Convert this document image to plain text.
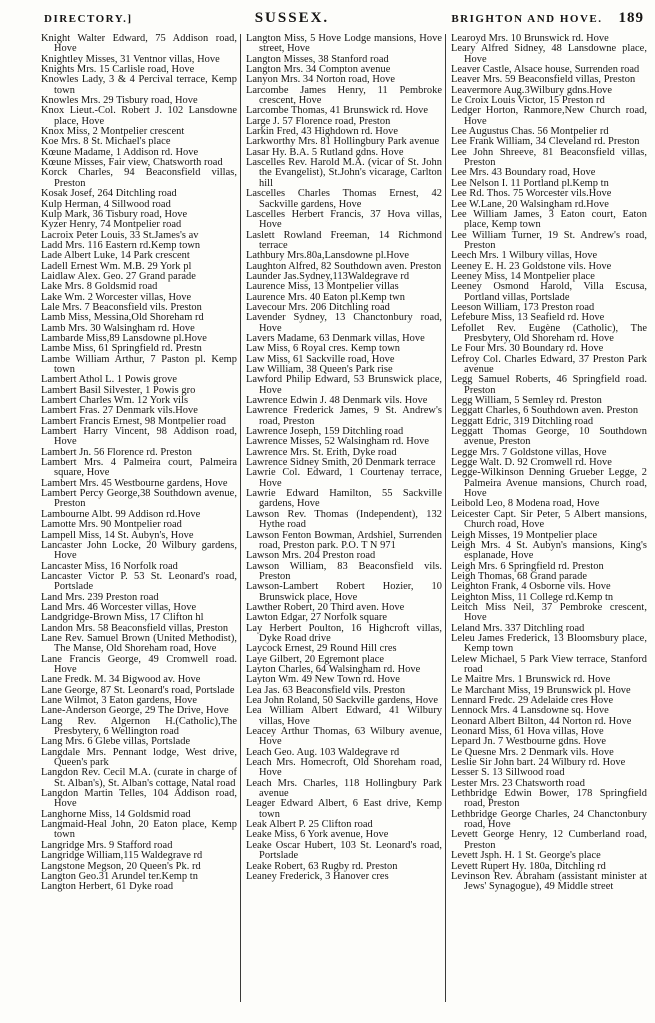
DIRECTORY.]	SUSSEX.	BRIGHTON AND HOVE. 189

Knight Walter Edward, 75 Addison road, Hove

Knightley Misses, 31 Ventnor villas, Hove

Knights Mrs. 15 Carlisle road, Hove

Knowles Lady, 3 & 4 Percival terrace, Kemp town

Knowles Mrs. 29 Tisbury road, Hove

Knox Lieut.-Col. Robert J. 102 Lansdowne place, Hove

Knox Miss, 2 Montpelier crescent

Koe Mrs. 8 St. Michael's place

Kœune Madame, 1 Addison rd. Hove

Kœune Misses, Fair view, Chatsworth road

Korck Charles, 94 Beaconsfield villas, Preston

Kosak Josef, 264 Ditchling road

Kulp Herman, 4 Sillwood road

Kulp Mark, 36 Tisbury road, Hove

Kyzer Henry, 74 Montpelier road

Lacroix Peter Louis, 33 St.James's av

Ladd Mrs. 116 Eastern rd.Kemp town

Lade Albert Luke, 14 Park crescent

Ladell Ernest Wm. M.B. 29 York pl

Laidlaw Alex. Geo. 27 Grand parade

Lake Mrs. 8 Goldsmid road

Lake Wm. 2 Worcester villas, Hove

Lale Mrs. 7 Beaconsfield vils. Preston

Lamb Miss, Messina,Old Shoreham rd

Lamb Mrs. 30 Walsingham rd. Hove

Lambarde Miss,89 Lansdowne pl.Hove

Lambe Miss, 61 Springfield rd. Prestn

Lambe William Arthur, 7 Paston pl. Kemp town

Lambert Athol L. 1 Powis grove

Lambert Basil Silvester, 1 Powis gro

Lambert Charles Wm. 12 York vils

Lambert Fras. 27 Denmark vils.Hove

Lambert Francis Ernest, 98 Montpelier road

Lambert Harry Vincent, 98 Addison road, Hove

Lambert Jn. 56 Florence rd. Preston

Lambert Mrs. 4 Palmeira court, Palmeira square, Hove

Lambert Mrs. 45 Westbourne gardens, Hove

Lambert Percy George,38 Southdown avenue, Preston

Lambourne Albt. 99 Addison rd.Hove

Lamotte Mrs. 90 Montpelier road

Lampell Miss, 14 St. Aubyn's, Hove

Lancaster John Locke, 20 Wilbury gardens, Hove

Lancaster Miss, 16 Norfolk road

Lancaster Victor P. 53 St. Leonard's road, Portslade

Land Mrs. 239 Preston road

Land Mrs. 46 Worcester villas, Hove

Landgridge-Brown Miss, 17 Clifton hl

Landon Mrs. 58 Beaconsfield villas, Preston

Lane Rev. Samuel Brown (United Methodist), The Manse, Old Shoreham road, Hove

Lane Francis George, 49 Cromwell road. Hove

Lane Fredk. M. 34 Bigwood av. Hove

Lane George, 87 St. Leonard's road, Portslade

Lane Wilmot, 3 Eaton gardens, Hove

Lane-Anderson George, 29 The Drive, Hove

Lang Rev. Algernon H.(Catholic),The Presbytery, 6 Wellington road

Lang Mrs. 6 Glebe villas, Portslade

Langdale Mrs. Pennant lodge, West drive, Queen's park

Langdon Rev. Cecil M.A. (curate in charge of St. Alban's), St. Alban's cottage, Natal road

Langdon Martin Telles, 104 Addison road, Hove

Langhorne Miss, 14 Goldsmid road

Langmaid-Heal John, 20 Eaton place, Kemp town

Langridge Mrs. 9 Stafford road

Langridge William,115 Waldegrave rd

Langstone Megson, 20 Queen's Pk. rd

Langton Geo.31 Arundel ter.Kemp tn

Langton Herbert, 61 Dyke road

Langton Miss, 5 Hove Lodge mansions, Hove street, Hove

Langton Misses, 38 Stanford road

Langton Mrs. 34 Compton avenue

Lanyon Mrs. 34 Norton road, Hove

Larcombe James Henry, 11 Pembroke crescent, Hove

Larcombe Thomas, 41 Brunswick rd. Hove

Large J. 57 Florence road, Preston

Larkin Fred, 43 Highdown rd. Hove

Larkworthy Mrs. 81 Hollingbury Park avenue

Lasar Hy. B.A. 5 Rutland gdns. Hove

Lascelles Rev. Harold M.A. (vicar of St. John the Evangelist), St.John's vicarage, Carlton hill

Lascelles Charles Thomas Ernest, 42 Sackville gardens, Hove

Lascelles Herbert Francis, 37 Hova villas, Hove

Laslett Rowland Freeman, 14 Richmond terrace

Lathbury Mrs.80a,Lansdowne pl.Hove

Laughton Alfred, 82 Southdown aven. Preston

Launder Jas.Sydney,113Waldegrave rd

Laurence Miss, 13 Montpelier villas

Laurence Mrs. 40 Eaton pl.Kemp twn

Lavecour Mrs. 206 Ditchling road

Lavender Sydney, 13 Chanctonbury road, Hove

Lavers Madame, 63 Denmark villas, Hove

Law Miss, 6 Royal cres. Kemp town

Law Miss, 61 Sackville road, Hove

Law William, 38 Queen's Park rise

Lawford Philip Edward, 53 Brunswick place, Hove

Lawrence Edwin J. 48 Denmark vils. Hove

Lawrence Frederick James, 9 St. Andrew's road, Preston

Lawrence Joseph, 159 Ditchling road

Lawrence Misses, 52 Walsingham rd. Hove

Lawrence Mrs. St. Erith, Dyke road

Lawrence Sidney Smith, 20 Denmark terrace

Lawrie Col. Edward, 1 Courtenay terrace, Hove

Lawrie Edward Hamilton, 55 Sackville gardens, Hove

Lawson Rev. Thomas (Independent), 132 Hythe road

Lawson Fenton Bowman, Ardshiel, Surrenden road, Preston park. P.O. T N 971

Lawson Mrs. 204 Preston road

Lawson William, 83 Beaconsfield vils. Preston

Lawson-Lambert Robert Hozier, 10 Brunswick place, Hove

Lawther Robert, 20 Third aven. Hove

Lawton Edgar, 27 Norfolk square

Lay Herbert Poulton, 16 Highcroft villas, Dyke Road drive

Laycock Ernest, 29 Round Hill cres

Laye Gilbert, 20 Egremont place

Layton Charles, 64 Walsingham rd. Hove

Layton Wm. 49 New Town rd. Hove

Lea Jas. 63 Beaconsfield vils. Preston

Lea John Roland, 50 Sackville gardens, Hove

Lea William Albert Edward, 41 Wilbury villas, Hove

Leacey Arthur Thomas, 63 Wilbury avenue, Hove

Leach Geo. Aug. 103 Waldegrave rd

Leach Mrs. Homecroft, Old Shoreham road, Hove

Leach Mrs. Charles, 118 Hollingbury Park avenue

Leager Edward Albert, 6 East drive, Kemp town

Leak Albert P. 25 Clifton road

Leake Miss, 6 York avenue, Hove

Leake Oscar Hubert, 103 St. Leonard's road, Portslade

Leake Robert, 63 Rugby rd. Preston

Leaney Frederick, 3 Hanover cres

Learoyd Mrs. 10 Brunswick rd. Hove

Leary Alfred Sidney, 48 Lansdowne place, Hove

Leaver Castle, Alsace house, Surrenden road

Leaver Mrs. 59 Beaconsfield villas, Preston

Leavermore Aug.3Wilbury gdns.Hove

Le Croix Louis Victor, 15 Preston rd

Ledger Horton, Ranmore,New Church road, Hove

Lee Augustus Chas. 56 Montpelier rd

Lee Frank William, 34 Cleveland rd. Preston

Lee John Shreeve, 81 Beaconsfield villas, Preston

Lee Mrs. 43 Boundary road, Hove

Lee Nelson I. 11 Portland pl.Kemp tn

Lee Rd. Thos. 75 Worcester vils.Hove

Lee W.Lane, 20 Walsingham rd.Hove

Lee William James, 3 Eaton court, Eaton place, Kemp town

Lee William Turner, 19 St. Andrew's road, Preston

Leech Mrs. 1 Wilbury villas, Hove

Leeney E. H. 23 Goldstone vils. Hove

Leeney Miss, 14 Montpelier place

Leeney Osmond Harold, Villa Escusa, Portland villas, Portslade

Leeson William, 173 Preston road

Lefebure Miss, 13 Seafield rd. Hove

Lefollet Rev. Eugène (Catholic), The Presbytery, Old Shoreham rd. Hove

Le Four Mrs. 30 Boundary rd. Hove

Lefroy Col. Charles Edward, 37 Preston Park avenue

Legg Samuel Roberts, 46 Springfield road. Preston

Legg William, 5 Semley rd. Preston

Leggatt Charles, 6 Southdown aven. Preston

Leggatt Edric, 319 Ditchling road

Leggatt Thomas George, 10 Southdown avenue, Preston

Legge Mrs. 7 Goldstone villas, Hove

Legge Walt. D. 92 Cromwell rd. Hove

Legge-Wilkinson Denning Grueber Legge, 2 Palmeira Avenue mansions, Church road, Hove

Leibold Leo, 8 Modena road, Hove

Leicester Capt. Sir Peter, 5 Albert mansions, Church road, Hove

Leigh Misses, 19 Montpelier place

Leigh Mrs. 4 St. Aubyn's mansions, King's esplanade, Hove

Leigh Mrs. 6 Springfield rd. Preston

Leigh Thomas, 68 Grand parade

Leighton Frank, 4 Osborne vils. Hove

Leighton Miss, 11 College rd.Kemp tn

Leitch Miss Neil, 37 Pembroke crescent, Hove

Leland Mrs. 337 Ditchling road

Leleu James Frederick, 13 Bloomsbury place, Kemp town

Lelew Michael, 5 Park View terrace, Stanford road

Le Maitre Mrs. 1 Brunswick rd. Hove

Le Marchant Miss, 19 Brunswick pl. Hove

Lennard Fredc. 29 Adelaide cres Hove

Lennock Mrs. 4 Lansdowne sq. Hove

Leonard Albert Bilton, 44 Norton rd. Hove

Leonard Miss, 61 Hova villas, Hove

Lepard Jn. 7 Westbourne gdns. Hove

Le Quesne Mrs. 2 Denmark vils. Hove

Leslie Sir John bart. 24 Wilbury rd. Hove

Lesser S. 13 Sillwood road

Lester Mrs. 23 Chatsworth road

Lethbridge Edwin Bower, 178 Springfield road, Preston

Lethbridge George Charles, 24 Chanctonbury road, Hove

Levett George Henry, 12 Cumberland road, Preston

Levett Jsph. H. 1 St. George's place

Levett Rupert Hy. 180a, Ditchling rd

Levinson Rev. Abraham (assistant minister at Jews' Synagogue), 49 Middle street
